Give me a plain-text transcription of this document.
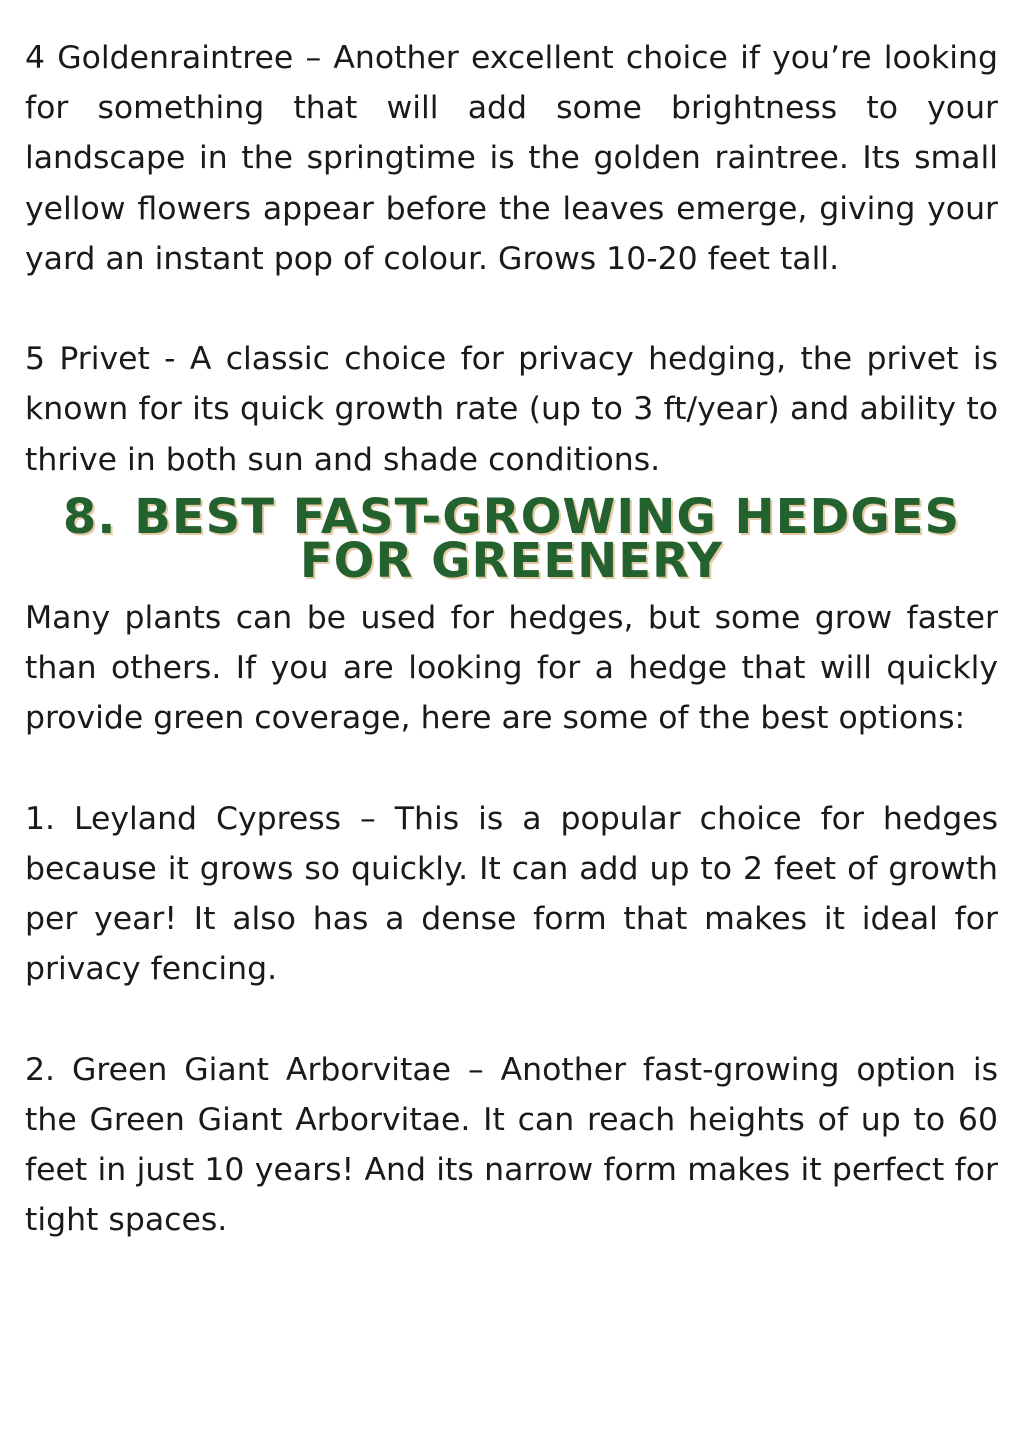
4 Goldenraintree – Another excellent choice if you’re looking for something that will add some brightness to your landscape in the springtime is the golden raintree. Its small yellow flowers appear before the leaves emerge, giving your yard an instant pop of colour. Grows 10-20 feet tall.

5 Privet - A classic choice for privacy hedging, the privet is known for its quick growth rate (up to 3 ft/year) and ability to thrive in both sun and shade conditions.

8. BEST FAST-GROWING HEDGES
FOR GREENERY

Many plants can be used for hedges, but some grow faster than others. If you are looking for a hedge that will quickly provide green coverage, here are some of the best options:

1. Leyland Cypress – This is a popular choice for hedges because it grows so quickly. It can add up to 2 feet of growth per year! It also has a dense form that makes it ideal for privacy fencing.

2. Green Giant Arborvitae – Another fast-growing option is the Green Giant Arborvitae. It can reach heights of up to 60 feet in just 10 years! And its narrow form makes it perfect for tight spaces.
